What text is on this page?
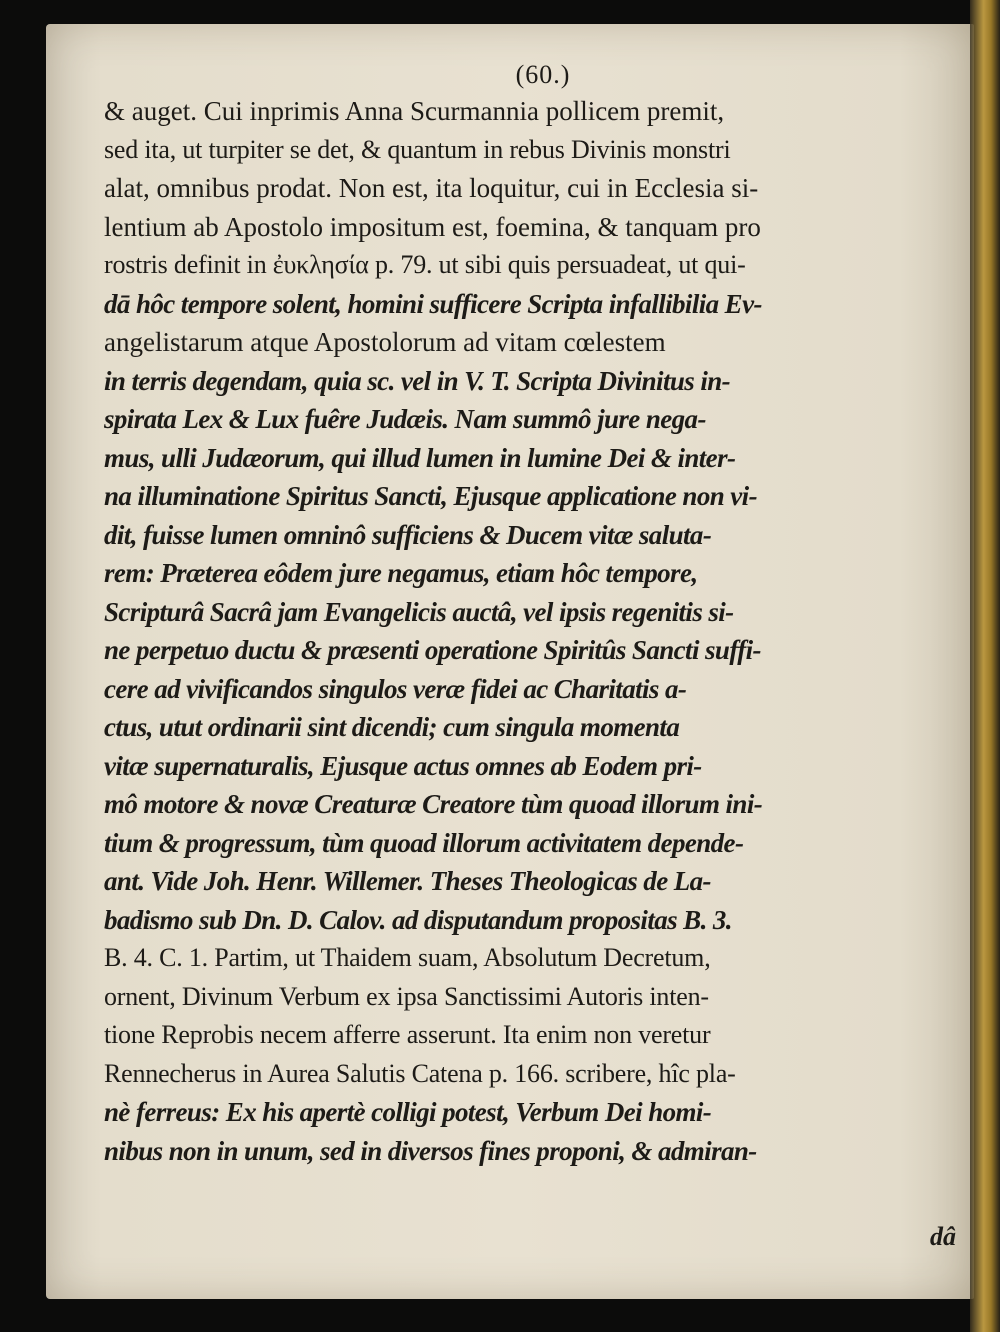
(60.)
& auget. Cui inprimis Anna Scurmannia pollicem premit,
sed ita, ut turpiter se det, & quantum in rebus Divinis monstri
alat, omnibus prodat. Non est, ita loquitur, cui in Ecclesia si-
lentium ab Apostolo impositum est, foemina, & tanquam pro
rostris definit in ἐυκλησία p. 79. ut sibi quis persuadeat, ut qui-
dā hôc tempore solent, homini sufficere Scripta infallibilia Ev-
angelistarum atque Apostolorum ad vitam cœlestem
in terris degendam, quia sc. vel in V. T. Scripta Divinitus in-
spirata Lex & Lux fuêre Judæis. Nam summô jure nega-
mus, ulli Judæorum, qui illud lumen in lumine Dei & inter-
na illuminatione Spiritus Sancti, Ejusque applicatione non vi-
dit, fuisse lumen omninô sufficiens & Ducem vitæ saluta-
rem: Præterea eôdem jure negamus, etiam hôc tempore,
Scripturâ Sacrâ jam Evangelicis auctâ, vel ipsis regenitis si-
ne perpetuo ductu & præsenti operatione Spiritûs Sancti suffi-
cere ad vivificandos singulos veræ fidei ac Charitatis a-
ctus, utut ordinarii sint dicendi; cum singula momenta
vitæ supernaturalis, Ejusque actus omnes ab Eodem pri-
mô motore & novæ Creaturæ Creatore tùm quoad illorum ini-
tium & progressum, tùm quoad illorum activitatem depende-
ant. Vide Joh. Henr. Willemer. Theses Theologicas de La-
badismo sub Dn. D. Calov. ad disputandum propositas B. 3.
B. 4. C. 1. Partim, ut Thaidem suam, Absolutum Decretum,
ornent, Divinum Verbum ex ipsa Sanctissimi Autoris inten-
tione Reprobis necem afferre asserunt. Ita enim non veretur
Rennecherus in Aurea Salutis Catena p. 166. scribere, hîc pla-
nè ferreus: Ex his apertè colligi potest, Verbum Dei homi-
nibus non in unum, sed in diversos fines proponi, & admiran-
dâ
